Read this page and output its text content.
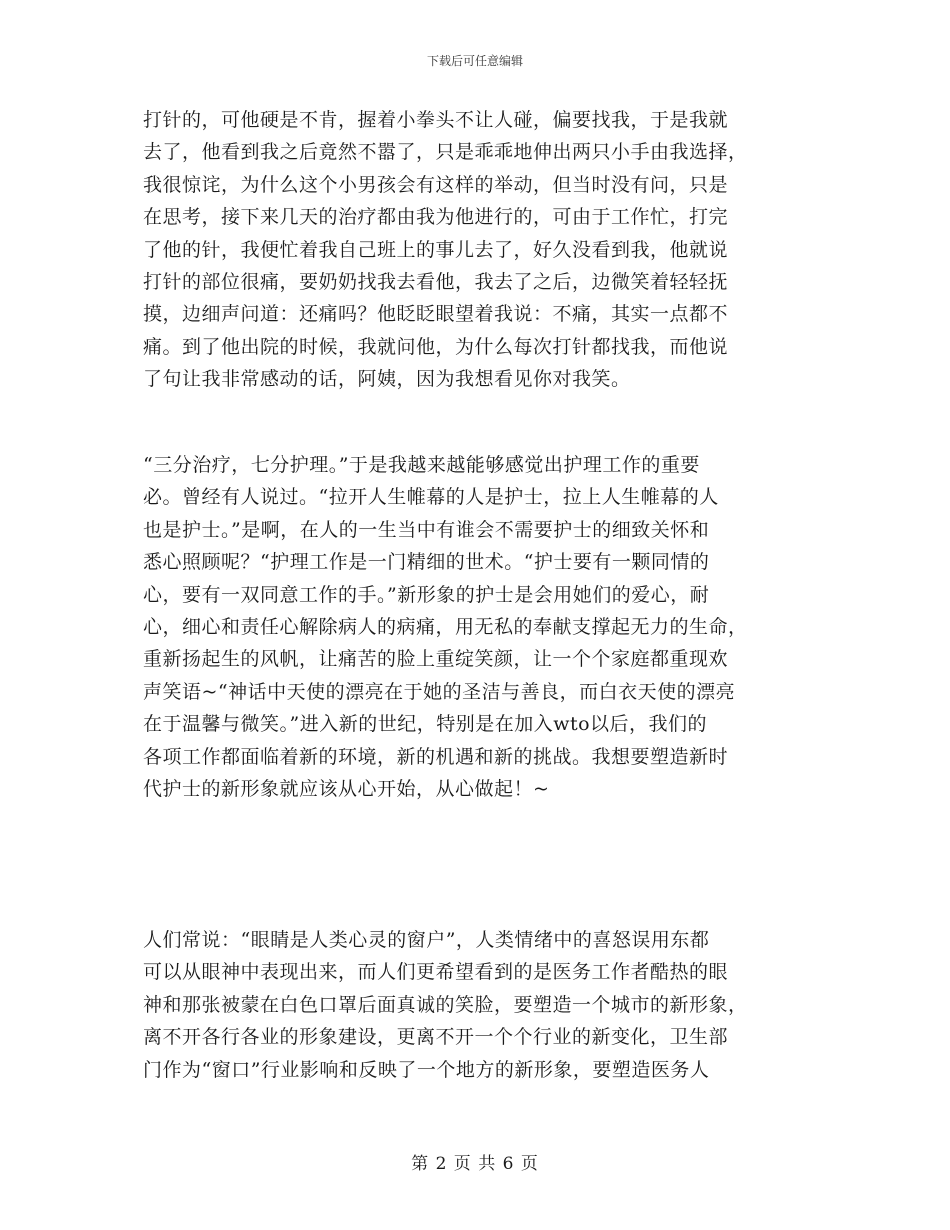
下载后可任意编辑
打针的，可他硬是不肯，握着小拳头不让人碰，偏要找我，于是我就
去了，他看到我之后竟然不嚣了，只是乖乖地伸出两只小手由我选择，
我很惊诧，为什么这个小男孩会有这样的举动，但当时没有问，只是
在思考，接下来几天的治疗都由我为他进行的，可由于工作忙，打完
了他的针，我便忙着我自己班上的事儿去了，好久没看到我，他就说
打针的部位很痛，要奶奶找我去看他，我去了之后，边微笑着轻轻抚
摸，边细声问道：还痛吗？他眨眨眼望着我说：不痛，其实一点都不
痛。到了他出院的时候，我就问他，为什么每次打针都找我，而他说
了句让我非常感动的话，阿姨，因为我想看见你对我笑。
“三分治疗，七分护理。”于是我越来越能够感觉出护理工作的重要
必。曾经有人说过。“拉开人生帷幕的人是护士，拉上人生帷幕的人
也是护士。”是啊，在人的一生当中有谁会不需要护士的细致关怀和
悉心照顾呢？“护理工作是一门精细的世术。“护士要有一颗同情的
心，要有一双同意工作的手。”新形象的护士是会用她们的爱心，耐
心，细心和责任心解除病人的病痛，用无私的奉献支撑起无力的生命，
重新扬起生的风帆，让痛苦的脸上重绽笑颜，让一个个家庭都重现欢
声笑语~“神话中天使的漂亮在于她的圣洁与善良，而白衣天使的漂亮
在于温馨与微笑。”进入新的世纪，特别是在加入wto以后，我们的
各项工作都面临着新的环境，新的机遇和新的挑战。我想要塑造新时
代护士的新形象就应该从心开始，从心做起！~
人们常说：“眼睛是人类心灵的窗户”，人类情绪中的喜怒误用东都
可以从眼神中表现出来，而人们更希望看到的是医务工作者酷热的眼
神和那张被蒙在白色口罩后面真诚的笑脸，要塑造一个城市的新形象，
离不开各行各业的形象建设，更离不开一个个行业的新变化，卫生部
门作为“窗口”行业影响和反映了一个地方的新形象，要塑造医务人
第 2 页 共 6 页
